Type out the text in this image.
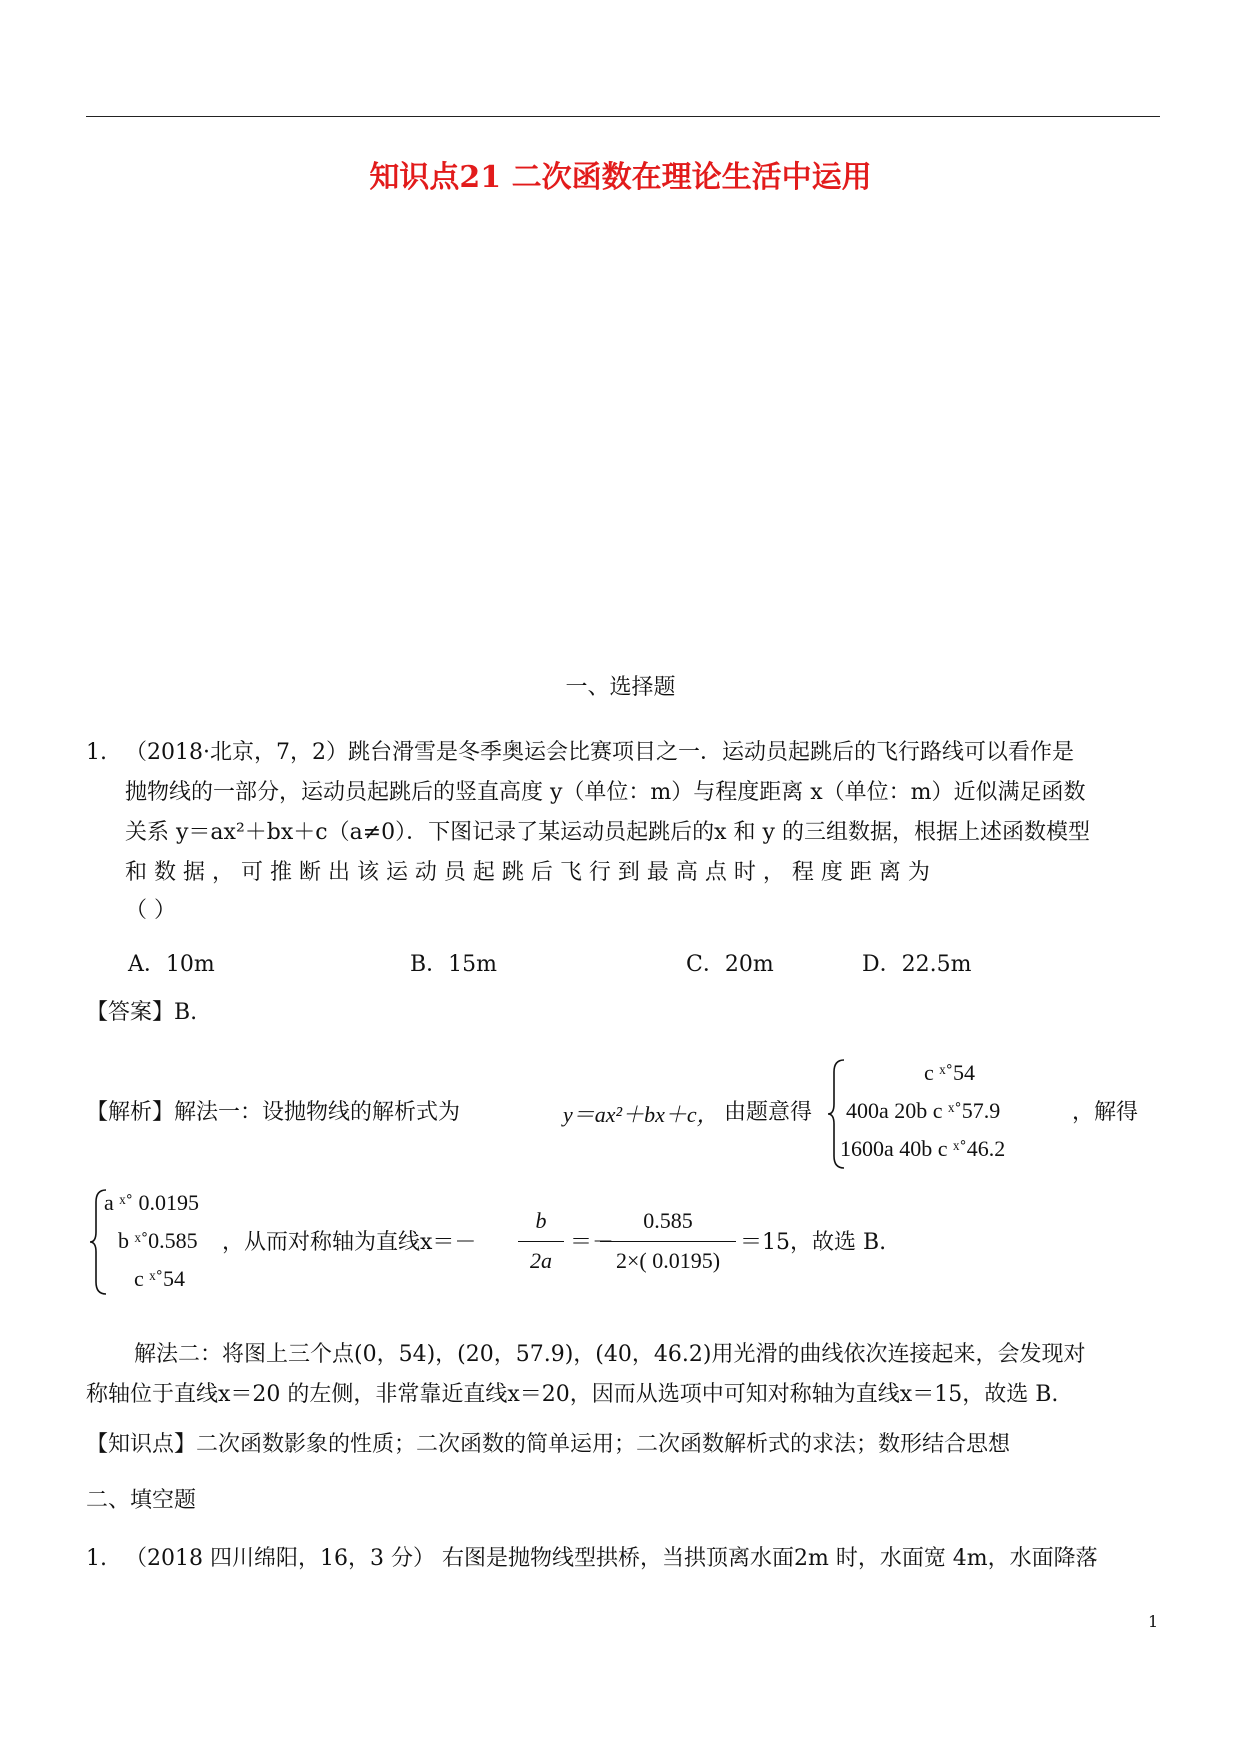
知识点21 二次函数在理论生活中运用
一、选择题
1. （2018·北京，7，2）跳台滑雪是冬季奥运会比赛项目之一．运动员起跳后的飞行路线可以看作是
抛物线的一部分，运动员起跳后的竖直高度 y（单位：m）与程度距离 x（单位：m）近似满足函数
关系 y＝ax²＋bx＋c（a≠0）．下图记录了某运动员起跳后的x 和 y 的三组数据，根据上述函数模型
和 数 据 ， 可 推 断 出 该 运 动 员 起 跳 后 飞 行 到 最 高 点 时 ， 程 度 距 离 为
（ ）
A．10m	B．15m	C．20m	D．22.5m
【答案】B.
【解析】解法一：设抛物线的解析式为	y＝ax²＋bx＋c， 由题意得
c ˣ˚54
400a 20b c ˣ˚57.9
1600a 40b c ˣ˚46.2
，解得
a ˣ˚ 0.0195
b ˣ˚0.585
c ˣ˚54
，从而对称轴为直线x＝－
b
2a
＝－
0.585
2×( 0.0195)
＝15，故选 B.
解法二：将图上三个点(0，54)，(20，57.9)，(40，46.2)用光滑的曲线依次连接起来，会发现对
称轴位于直线x＝20 的左侧，非常靠近直线x＝20，因而从选项中可知对称轴为直线x＝15，故选 B.
【知识点】二次函数影象的性质；二次函数的简单运用；二次函数解析式的求法；数形结合思想
二、填空题
1. （2018 四川绵阳，16，3 分） 右图是抛物线型拱桥，当拱顶离水面2m 时，水面宽 4m，水面降落
1
